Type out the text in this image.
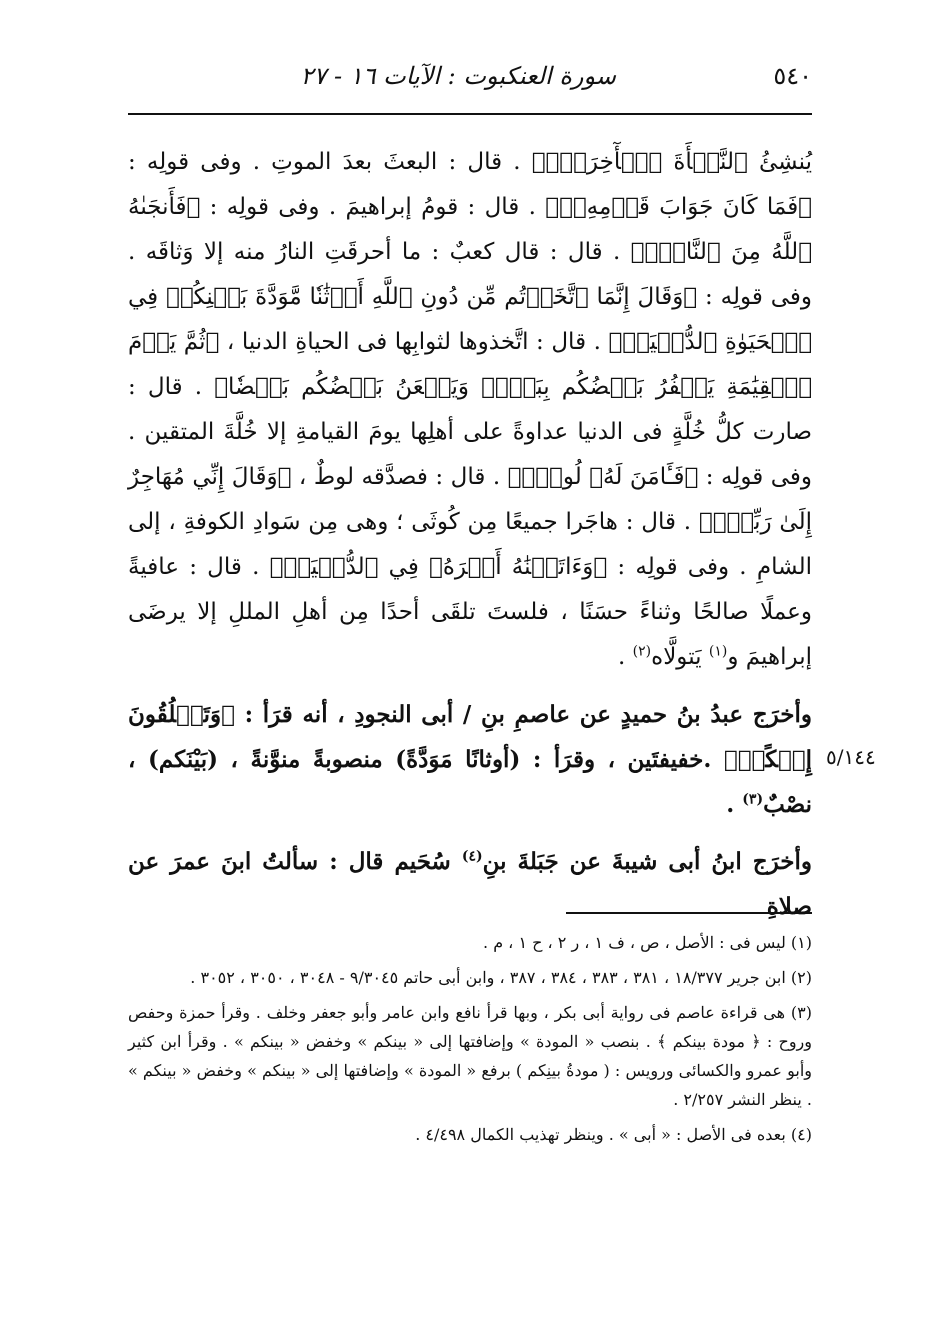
٥٤٠
سورة العنكبوت : الآيات ١٦ - ٢٧
٥/١٤٤

يُنشِئُ ٱلنَّشۡأَةَ ٱلۡأٓخِرَةَۚ﴾ . قال : البعثَ بعدَ الموتِ . وفى قولِه : ﴿فَمَا كَانَ جَوَابَ قَوۡمِهِۦٓ﴾ . قال : قومُ إبراهيمَ . وفى قولِه : ﴿فَأَنجَىٰهُ ٱللَّهُ مِنَ ٱلنَّارِۚ﴾ . قال : قال كعبٌ : ما أحرقَتِ النارُ منه إلا وَثاقَه . وفى قولِه : ﴿وَقَالَ إِنَّمَا ٱتَّخَذۡتُم مِّن دُونِ ٱللَّهِ أَوۡثَٰنٗا مَّوَدَّةَ بَيۡنِكُمۡ فِي ٱلۡحَيَوٰةِ ٱلدُّنۡيَاۖ﴾ . قال : اتَّخذوها لثوابِها فى الحياةِ الدنيا ، ﴿ثُمَّ يَوۡمَ ٱلۡقِيَٰمَةِ يَكۡفُرُ بَعۡضُكُم بِبَعۡضٖ وَيَلۡعَنُ بَعۡضُكُم بَعۡضٗا﴾ . قال : صارت كلُّ خُلَّةٍ فى الدنيا عداوةً على أهلِها يومَ القيامةِ إلا خُلَّةَ المتقين . وفى قولِه : ﴿فَـَٔامَنَ لَهُۥ لُوطٞۘ﴾ . قال : فصدَّقه لوطٌ ، ﴿وَقَالَ إِنِّي مُهَاجِرٌ إِلَىٰ رَبِّيٓۖ﴾ . قال : هاجَرا جميعًا مِن كُوثَى ؛ وهى مِن سَوادِ الكوفةِ ، إلى الشامِ . وفى قولِه : ﴿وَءَاتَيۡنَٰهُ أَجۡرَهُۥ فِي ٱلدُّنۡيَاۖ﴾ . قال : عافيةً وعملًا صالحًا وثناءً حسَنًا ، فلستَ تلقَى أحدًا مِن أهلِ المللِ إلا يرضَى إبراهيمَ و$^{(١)}$ يَتولَّاه$^{(٢)}$ .

وأخرَج عبدُ بنُ حميدٍ عن عاصمِ بنِ / أبى النجودِ ، أنه قرَأ : ﴿وَتَخۡلُقُونَ إِفۡكًاۚ﴾ .خفيفتَين ، وقرَأ : (أوثانًا مَوَدَّةً) منصوبةً منوَّنةً ، (بَيْنَكم) ، نصْبٌ$^{(٣)}$ .

وأخرَج ابنُ أبى شيبةَ عن جَبَلةَ بنِ$^{(٤)}$ سُحَيم قال : سألتُ ابنَ عمرَ عن صلاةِ

(١) ليس فى : الأصل ، ص ، ف ١ ، ر ٢ ، ح ١ ، م .

(٢) ابن جرير ١٨/٣٧٧ ، ٣٨١ ، ٣٨٣ ، ٣٨٤ ، ٣٨٧ ، وابن أبى حاتم ٩/٣٠٤٥ - ٣٠٤٨ ، ٣٠٥٠ ، ٣٠٥٢ .

(٣) هى قراءة عاصم فى رواية أبى بكر ، وبها قرأ نافع وابن عامر وأبو جعفر وخلف . وقرأ حمزة وحفص وروح : ﴿ مودة بينكم ﴾ . بنصب « المودة » وإضافتها إلى « بينكم » وخفض « بينكم » . وقرأ ابن كثير وأبو عمرو والكسائى ورويس : ( مودةُ بينِكم ) برفع « المودة » وإضافتها إلى « بينكم » وخفض « بينكم » . ينظر النشر ٢/٢٥٧ .

(٤) بعده فى الأصل : « أبى » . وينظر تهذيب الكمال ٤/٤٩٨ .
